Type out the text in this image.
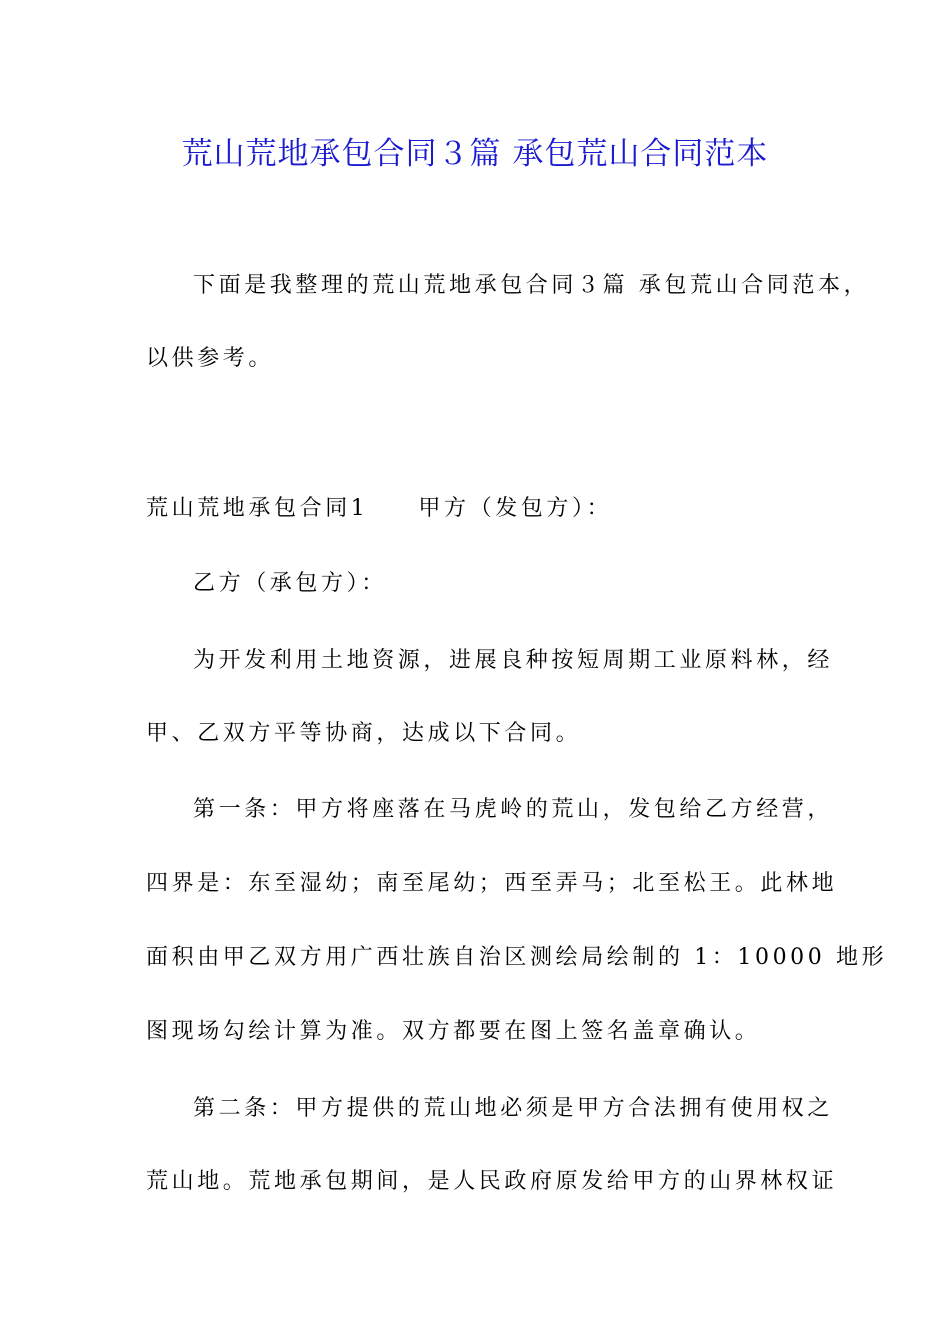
荒山荒地承包合同３篇 承包荒山合同范本
下面是我整理的荒山荒地承包合同３篇 承包荒山合同范本，
以供参考。
荒山荒地承包合同1 甲方（发包方）：
乙方（承包方）：
为开发利用土地资源，进展良种按短周期工业原料林，经
甲、乙双方平等协商，达成以下合同。
第一条：甲方将座落在马虎岭的荒山，发包给乙方经营，
四界是：东至湿幼；南至尾幼；西至弄马；北至松王。此林地
面积由甲乙双方用广西壮族自治区测绘局绘制的 1：10000 地形
图现场勾绘计算为准。双方都要在图上签名盖章确认。
第二条：甲方提供的荒山地必须是甲方合法拥有使用权之
荒山地。荒地承包期间，是人民政府原发给甲方的山界林权证
